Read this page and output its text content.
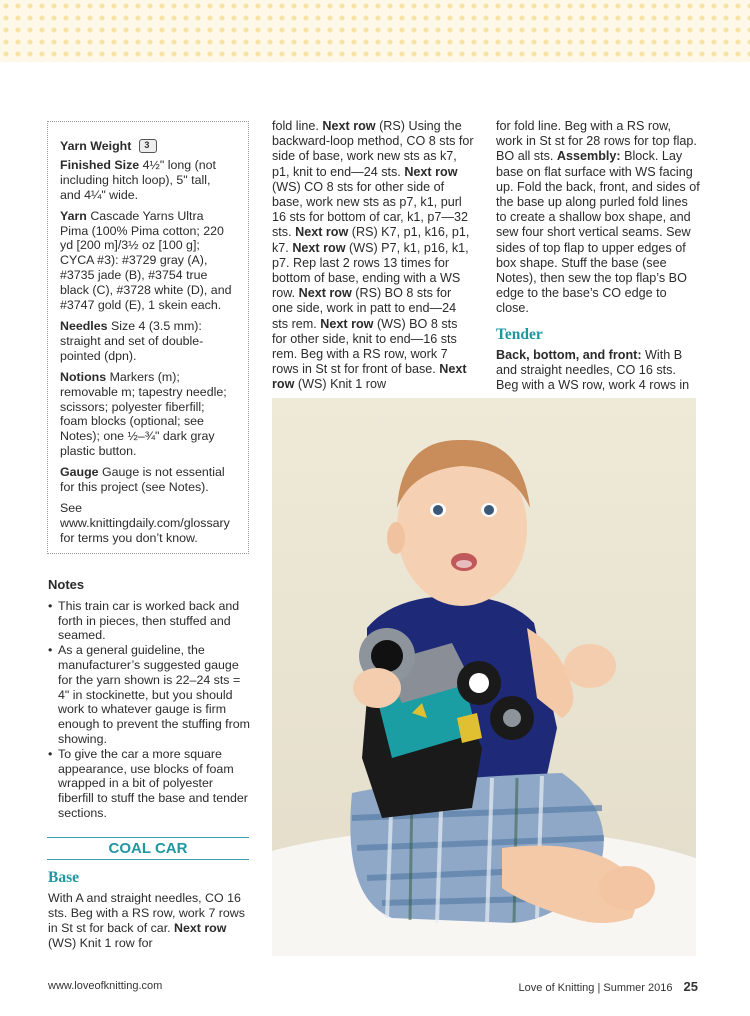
Yarn Weight 3

Finished Size 4½" long (not including hitch loop), 5" tall, and 4¼" wide.

Yarn Cascade Yarns Ultra Pima (100% Pima cotton; 220 yd [200 m]/3½ oz [100 g]; CYCA #3): #3729 gray (A), #3735 jade (B), #3754 true black (C), #3728 white (D), and #3747 gold (E), 1 skein each.

Needles Size 4 (3.5 mm): straight and set of double-pointed (dpn).

Notions Markers (m); removable m; tapestry needle; scissors; polyester fiberfill; foam blocks (optional; see Notes); one ½–¾" dark gray plastic button.

Gauge Gauge is not essential for this project (see Notes).

See www.knittingdaily.com/glossary for terms you don’t know.

Notes
• This train car is worked back and forth in pieces, then stuffed and seamed.
• As a general guideline, the manufacturer’s suggested gauge for the yarn shown is 22–24 sts = 4" in stockinette, but you should work to whatever gauge is firm enough to prevent the stuffing from showing.
• To give the car a more square appearance, use blocks of foam wrapped in a bit of polyester fiberfill to stuff the base and tender sections.
COAL CAR
Base
With A and straight needles, CO 16 sts. Beg with a RS row, work 7 rows in St st for back of car. Next row (WS) Knit 1 row for

fold line. Next row (RS) Using the backward-loop method, CO 8 sts for side of base, work new sts as k7, p1, knit to end—24 sts. Next row (WS) CO 8 sts for other side of base, work new sts as p7, k1, purl 16 sts for bottom of car, k1, p7—32 sts. Next row (RS) K7, p1, k16, p1, k7. Next row (WS) P7, k1, p16, k1, p7. Rep last 2 rows 13 times for bottom of base, ending with a WS row. Next row (RS) BO 8 sts for one side, work in patt to end—24 sts rem. Next row (WS) BO 8 sts for other side, knit to end—16 sts rem. Beg with a RS row, work 7 rows in St st for front of base. Next row (WS) Knit 1 row

for fold line. Beg with a RS row, work in St st for 28 rows for top flap. BO all sts. Assembly: Block. Lay base on flat surface with WS facing up. Fold the back, front, and sides of the base up along purled fold lines to create a shallow box shape, and sew four short vertical seams. Sew sides of top flap to upper edges of box shape. Stuff the base (see Notes), then sew the top flap’s BO edge to the base’s CO edge to close.

Tender

Back, bottom, and front: With B and straight needles, CO 16 sts. Beg with a WS row, work 4 rows in

www.loveofknitting.com	Love of Knitting | Summer 2016 25
